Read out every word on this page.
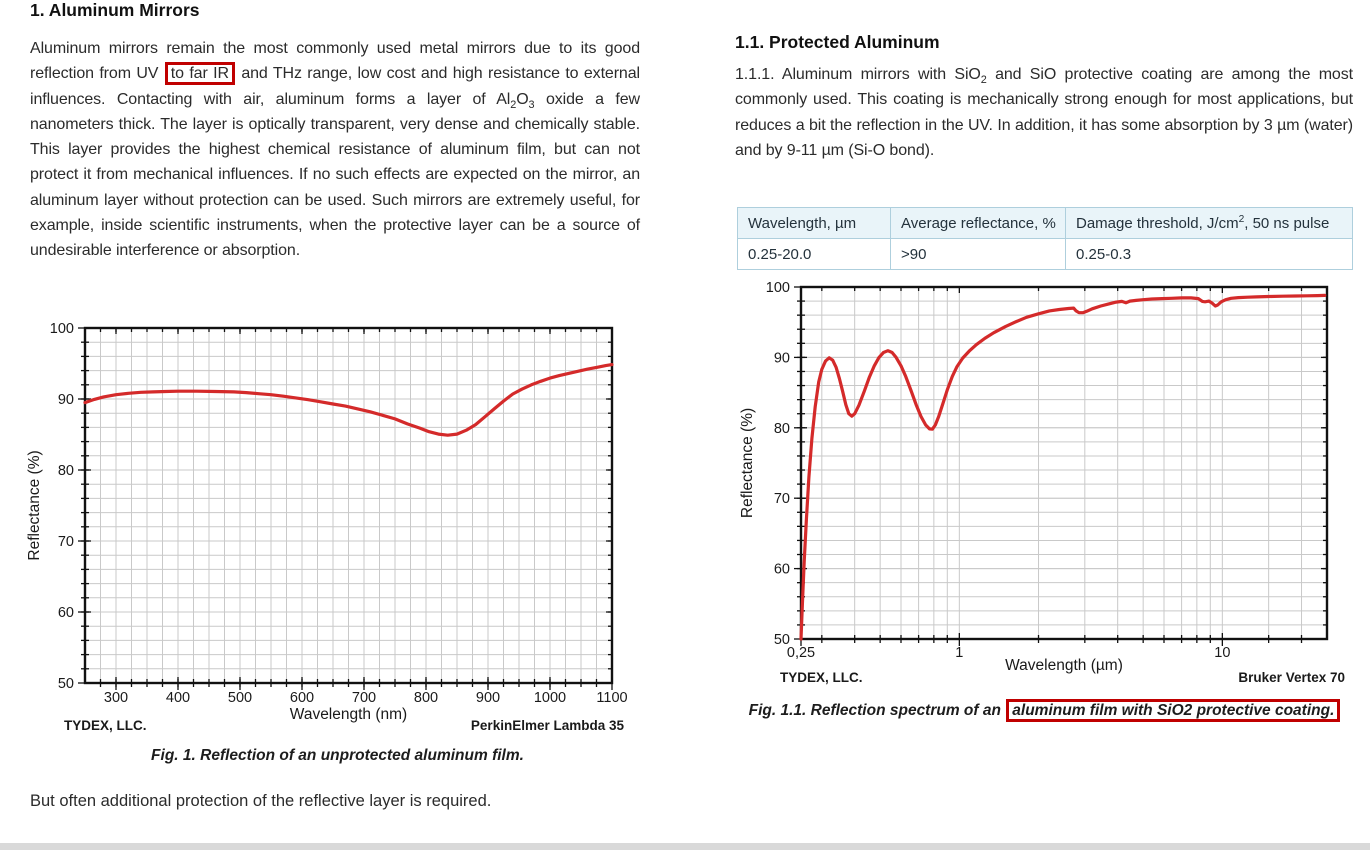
1. Aluminum Mirrors
Aluminum mirrors remain the most commonly used metal mirrors due to its good reflection from UV to far IR and THz range, low cost and high resistance to external influences. Contacting with air, aluminum forms a layer of $Al_2O_3$ oxide a few nanometers thick. The layer is optically transparent, very dense and chemically stable. This layer provides the highest chemical resistance of aluminum film, but can not protect it from mechanical influences. If no such effects are expected on the mirror, an aluminum layer without protection can be used. Such mirrors are extremely useful, for example, inside scientific instruments, when the protective layer can be a source of undesirable interference or absorption.
300	400	500	600	700	800	900 1000 1100
50
60
70
80
90
100
Wavelength (nm)
Reflectance (%)
TYDEX, LLC.	PerkinElmer Lambda 35
Fig. 1. Reflection of an unprotected aluminum film.
But often additional protection of the reflective layer is required.
1.1. Protected Aluminum
1.1.1. Aluminum mirrors with SiO$_2$ and SiO protective coating are among the most commonly used. This coating is mechanically strong enough for most applications, but reduces a bit the reflection in the UV. In addition, it has some absorption by 3 µm (water) and by 9-11 µm (Si-O bond).
Wavelength, µm	Average reflectance, %	Damage threshold, $J/cm^2$, 50 ns pulse
0.25-20.0	>90	0.25-0.3
0,25	1	10
50
60
70
80
90
100
Wavelength (µm)
Reflectance (%)
TYDEX, LLC.	Bruker Vertex 70
Fig. 1.1. Reflection spectrum of an aluminum film with SiO2 protective coating.
